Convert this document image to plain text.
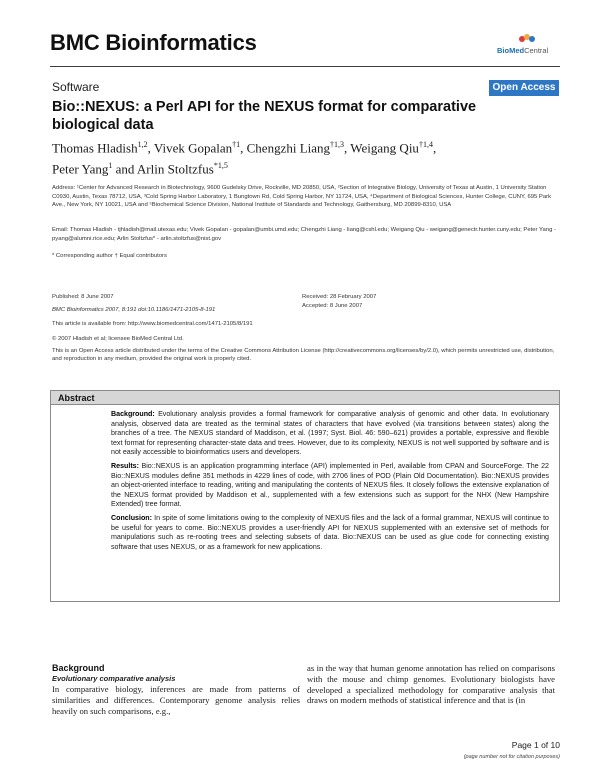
BMC Bioinformatics	BioMedCentral
Software	Open Access
Bio::NEXUS: a Perl API for the NEXUS format for comparative biological data
Thomas Hladish$^{1,2}$, Vivek Gopalan$^{\dagger 1}$, Chengzhi Liang$^{\dagger 1,3}$, Weigang Qiu$^{\dagger 1,4}$,
Peter Yang$^1$ and Arlin Stoltzfus$^{*1,5}$
Address: ¹Center for Advanced Research in Biotechnology, 9600 Gudelsky Drive, Rockville, MD 20850, USA, ²Section of Integrative Biology, University of Texas at Austin, 1 University Station C0930, Austin, Texas 78712, USA, ³Cold Spring Harbor Laboratory, 1 Bungtown Rd, Cold Spring Harbor, NY 11724, USA, ⁴Department of Biological Sciences, Hunter College, CUNY, 695 Park Ave., New York, NY 10021, USA and ⁵Biochemical Science Division, National Institute of Standards and Technology, Gaithersburg, MD 20899-8310, USA
Email: Thomas Hladish - tjhladish@mail.utexas.edu; Vivek Gopalan - gopalan@umbi.umd.edu; Chengzhi Liang - liang@cshl.edu; Weigang Qiu - weigang@genectr.hunter.cuny.edu; Peter Yang - pyang@alumni.rice.edu; Arlin Stoltzfus* - arlin.stoltzfus@nist.gov
* Corresponding author † Equal contributors
Published: 8 June 2007
BMC Bioinformatics 2007, 8:191 doi:10.1186/1471-2105-8-191
Received: 28 February 2007
Accepted: 8 June 2007
This article is available from: http://www.biomedcentral.com/1471-2105/8/191
© 2007 Hladish et al; licensee BioMed Central Ltd.
This is an Open Access article distributed under the terms of the Creative Commons Attribution License (http://creativecommons.org/licenses/by/2.0), which permits unrestricted use, distribution, and reproduction in any medium, provided the original work is properly cited.
Abstract

Background: Evolutionary analysis provides a formal framework for comparative analysis of genomic and other data. In evolutionary analysis, observed data are treated as the terminal states of characters that have evolved (via transitions between states) along the branches of a tree. The NEXUS standard of Maddison, et al. (1997; Syst. Biol. 46: 590–621) provides a portable, expressive and flexible text format for representing character-state data and trees. However, due to its complexity, NEXUS is not well supported by software and is not easily accessible to bioinformatics users and developers.

Results: Bio::NEXUS is an application programming interface (API) implemented in Perl, available from CPAN and SourceForge. The 22 Bio::NEXUS modules define 351 methods in 4229 lines of code, with 2706 lines of POD (Plain Old Documentation). Bio::NEXUS provides an object-oriented interface to reading, writing and manipulating the contents of NEXUS files. It closely follows the extensive explanation of the NEXUS format provided by Maddison et al., supplemented with a few extensions such as support for the NHX (New Hampshire Extended) tree format.

Conclusion: In spite of some limitations owing to the complexity of NEXUS files and the lack of a formal grammar, NEXUS will continue to be useful for years to come. Bio::NEXUS provides a user-friendly API for NEXUS supplemented with an extensive set of methods for manipulations such as re-rooting trees and selecting subsets of data. Bio::NEXUS can be used as glue code for connecting existing software that uses NEXUS, or as a framework for new applications.

Background
Evolutionary comparative analysis
In comparative biology, inferences are made from patterns of similarities and differences. Contemporary genome analysis relies heavily on such comparisons, e.g.,
as in the way that human genome annotation has relied on comparisons with the mouse and chimp genomes. Evolutionary biologists have developed a specialized methodology for comparative analysis that draws on modern methods of statistical inference and that is (in
Page 1 of 10
(page number not for citation purposes)
